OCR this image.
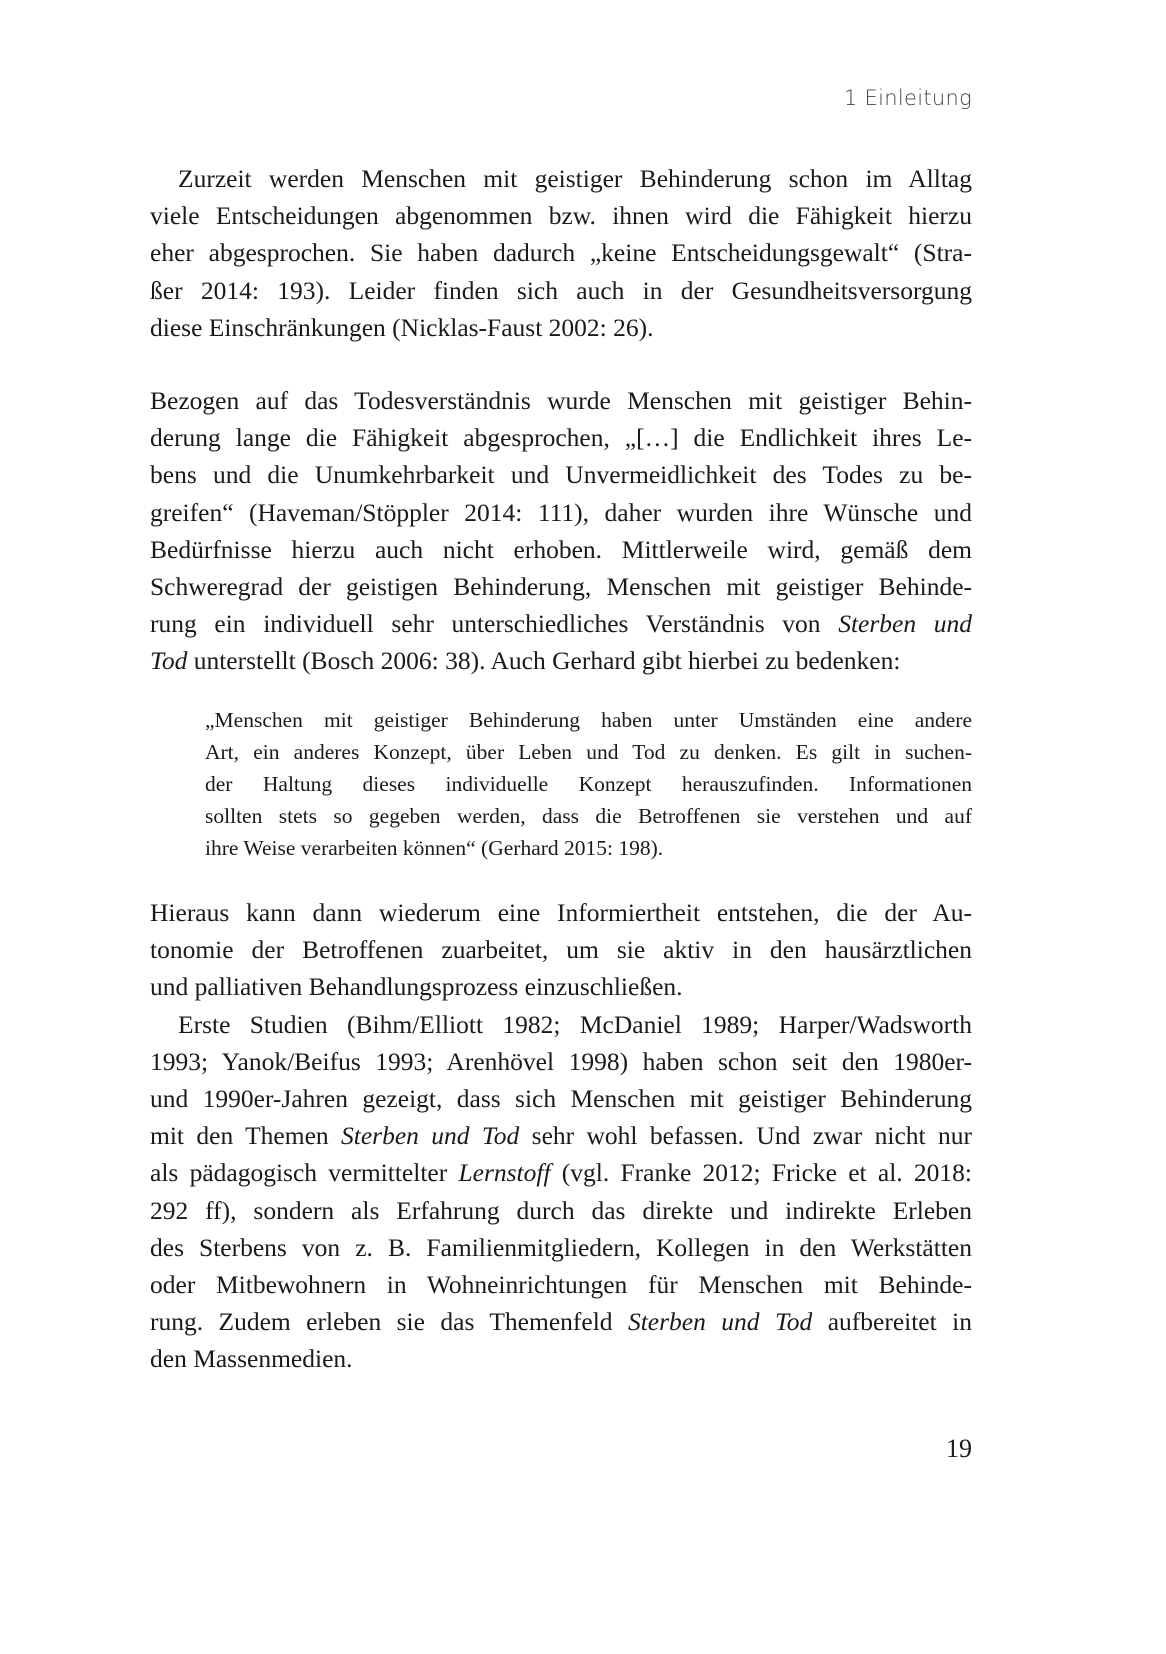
1 Einleitung
Zurzeit werden Menschen mit geistiger Behinderung schon im Alltag
viele Entscheidungen abgenommen bzw. ihnen wird die Fähigkeit hierzu
eher abgesprochen. Sie haben dadurch „keine Entscheidungsgewalt“ (Stra-
ßer 2014: 193). Leider finden sich auch in der Gesundheitsversorgung
diese Einschränkungen (Nicklas-Faust 2002: 26).
Bezogen auf das Todesverständnis wurde Menschen mit geistiger Behin-
derung lange die Fähigkeit abgesprochen, „[…] die Endlichkeit ihres Le-
bens und die Unumkehrbarkeit und Unvermeidlichkeit des Todes zu be-
greifen“ (Haveman/Stöppler 2014: 111), daher wurden ihre Wünsche und
Bedürfnisse hierzu auch nicht erhoben. Mittlerweile wird, gemäß dem
Schweregrad der geistigen Behinderung, Menschen mit geistiger Behinde-
rung ein individuell sehr unterschiedliches Verständnis von Sterben und
Tod unterstellt (Bosch 2006: 38). Auch Gerhard gibt hierbei zu bedenken:
„Menschen mit geistiger Behinderung haben unter Umständen eine andere
Art, ein anderes Konzept, über Leben und Tod zu denken. Es gilt in suchen-
der Haltung dieses individuelle Konzept herauszufinden. Informationen
sollten stets so gegeben werden, dass die Betroffenen sie verstehen und auf
ihre Weise verarbeiten können“ (Gerhard 2015: 198).
Hieraus kann dann wiederum eine Informiertheit entstehen, die der Au-
tonomie der Betroffenen zuarbeitet, um sie aktiv in den hausärztlichen
und palliativen Behandlungsprozess einzuschließen.
Erste Studien (Bihm/Elliott 1982; McDaniel 1989; Harper/Wadsworth
1993; Yanok/Beifus 1993; Arenhövel 1998) haben schon seit den 1980er-
und 1990er-Jahren gezeigt, dass sich Menschen mit geistiger Behinderung
mit den Themen Sterben und Tod sehr wohl befassen. Und zwar nicht nur
als pädagogisch vermittelter Lernstoff (vgl. Franke 2012; Fricke et al. 2018:
292 ff), sondern als Erfahrung durch das direkte und indirekte Erleben
des Sterbens von z. B. Familienmitgliedern, Kollegen in den Werkstätten
oder Mitbewohnern in Wohneinrichtungen für Menschen mit Behinde-
rung. Zudem erleben sie das Themenfeld Sterben und Tod aufbereitet in
den Massenmedien.
19
